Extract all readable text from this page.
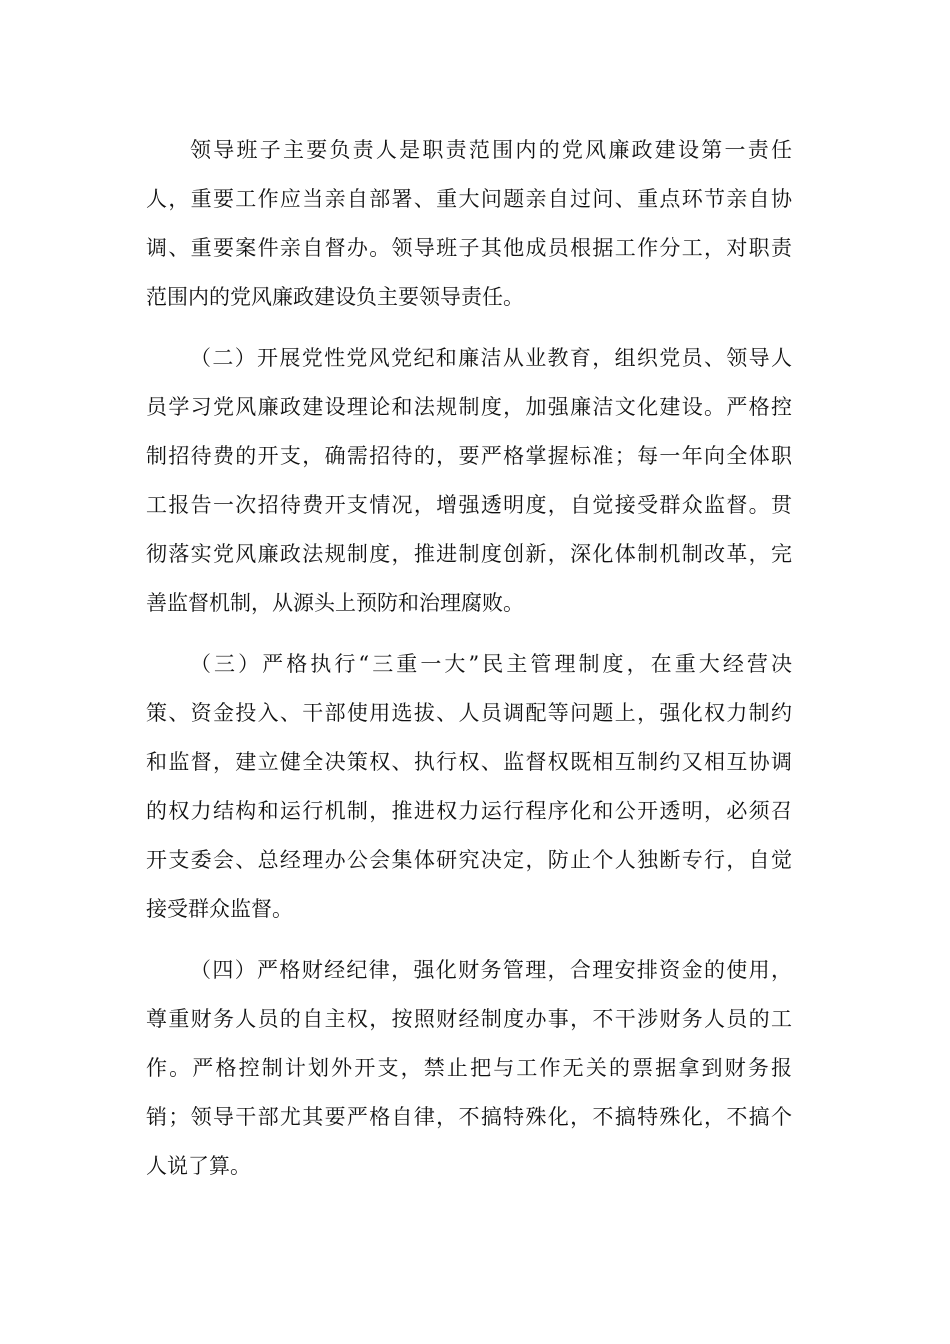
领导班子主要负责人是职责范围内的党风廉政建设第一责任
人，重要工作应当亲自部署、重大问题亲自过问、重点环节亲自协
调、重要案件亲自督办。领导班子其他成员根据工作分工，对职责
范围内的党风廉政建设负主要领导责任。
（二）开展党性党风党纪和廉洁从业教育，组织党员、领导人
员学习党风廉政建设理论和法规制度，加强廉洁文化建设。严格控
制招待费的开支，确需招待的，要严格掌握标准；每一年向全体职
工报告一次招待费开支情况，增强透明度，自觉接受群众监督。贯
彻落实党风廉政法规制度，推进制度创新，深化体制机制改革，完
善监督机制，从源头上预防和治理腐败。
（三）严格执行“三重一大”民主管理制度，在重大经营决
策、资金投入、干部使用选拔、人员调配等问题上，强化权力制约
和监督，建立健全决策权、执行权、监督权既相互制约又相互协调
的权力结构和运行机制，推进权力运行程序化和公开透明，必须召
开支委会、总经理办公会集体研究决定，防止个人独断专行，自觉
接受群众监督。
（四）严格财经纪律，强化财务管理，合理安排资金的使用，
尊重财务人员的自主权，按照财经制度办事，不干涉财务人员的工
作。严格控制计划外开支，禁止把与工作无关的票据拿到财务报
销；领导干部尤其要严格自律，不搞特殊化，不搞特殊化，不搞个
人说了算。
